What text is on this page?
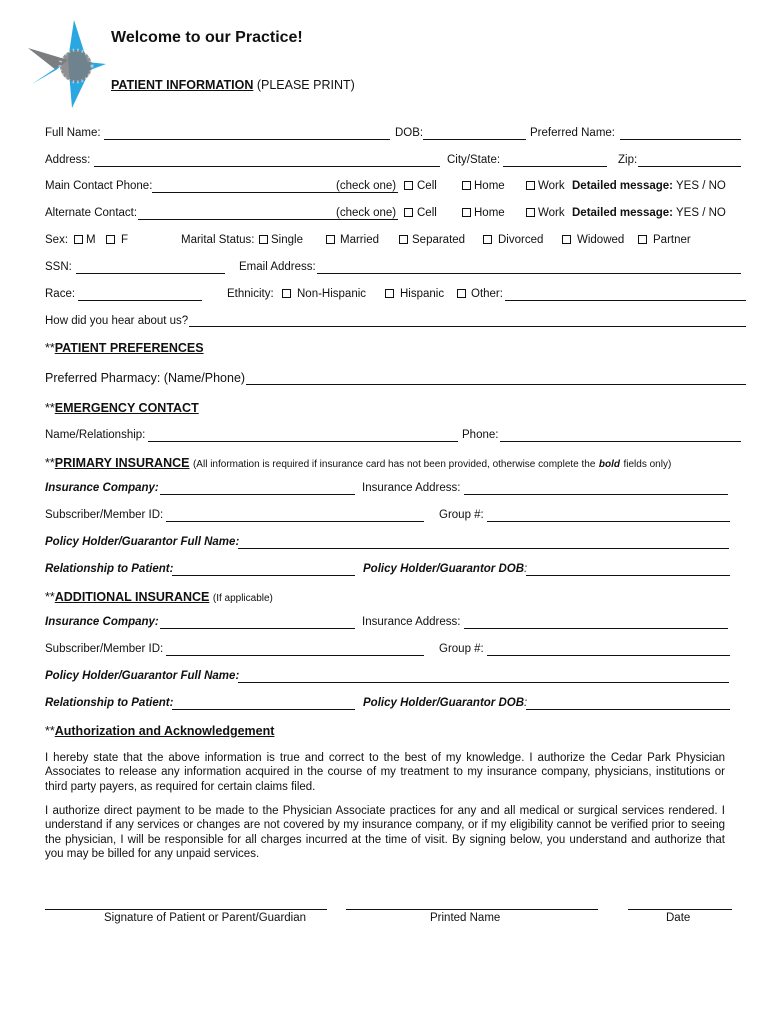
Welcome to our Practice!
PATIENT INFORMATION (PLEASE PRINT)
Full Name:	DOB:	Preferred Name:
Address:	City/State:	Zip:
Main Contact Phone:	(check one) Cell	Home	Work Detailed message: YES / NO
Alternate Contact:	(check one) Cell	Home	Work Detailed message: YES / NO
Sex: M F	Marital Status: Single	Married	Separated	Divorced	Widowed Partner
SSN:	Email Address:
Race:	Ethnicity: Non-Hispanic	Hispanic Other:
How did you hear about us?
**PATIENT PREFERENCES
Preferred Pharmacy: (Name/Phone)
**EMERGENCY CONTACT
Name/Relationship:	Phone:
**PRIMARY INSURANCE (All information is required if insurance card has not been provided, otherwise complete the bold fields only)
Insurance Company:	Insurance Address:
Subscriber/Member ID:	Group #:
Policy Holder/Guarantor Full Name:
Relationship to Patient:	Policy Holder/Guarantor DOB:
**ADDITIONAL INSURANCE (If applicable)
Insurance Company:	Insurance Address:
Subscriber/Member ID:	Group #:
Policy Holder/Guarantor Full Name:
Relationship to Patient:	Policy Holder/Guarantor DOB:
**Authorization and Acknowledgement
I hereby state that the above information is true and correct to the best of my knowledge. I authorize the Cedar Park Physician Associates to release any information acquired in the course of my treatment to my insurance company, physicians, institutions or third party payers, as required for certain claims filed.
I authorize direct payment to be made to the Physician Associate practices for any and all medical or surgical services rendered. I understand if any services or changes are not covered by my insurance company, or if my eligibility cannot be verified prior to seeing the physician, I will be responsible for all charges incurred at the time of visit. By signing below, you understand and authorize that you may be billed for any unpaid services.
Signature of Patient or Parent/Guardian	Printed Name	Date
